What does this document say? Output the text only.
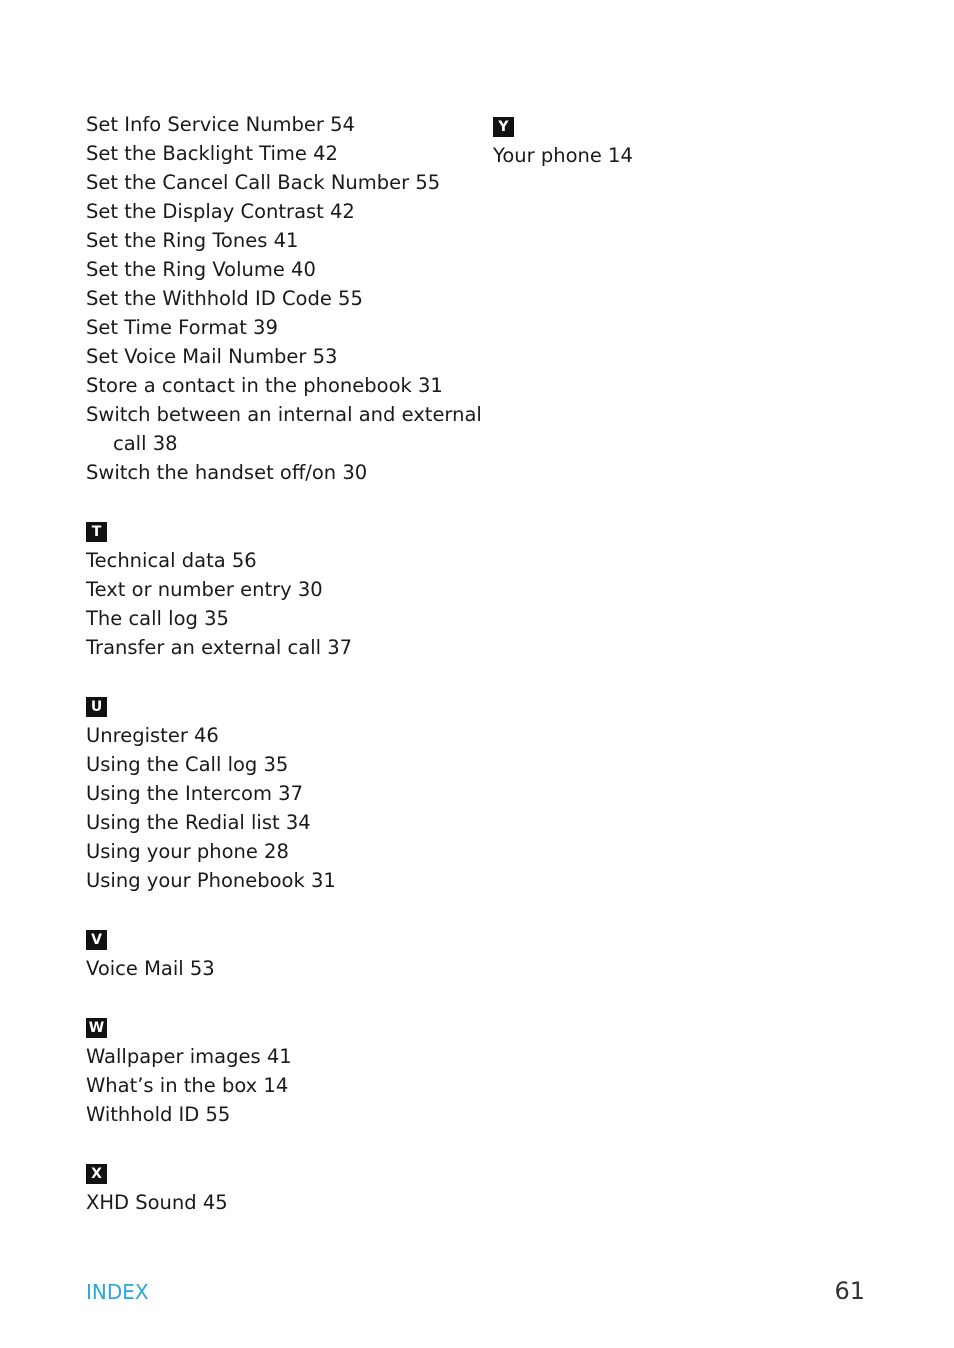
Set Info Service Number 54
Set the Backlight Time 42
Set the Cancel Call Back Number 55
Set the Display Contrast 42
Set the Ring Tones 41
Set the Ring Volume 40
Set the Withhold ID Code 55
Set Time Format 39
Set Voice Mail Number 53
Store a contact in the phonebook 31
Switch between an internal and external
call 38
Switch the handset off/on 30
T
Technical data 56
Text or number entry 30
The call log 35
Transfer an external call 37
U
Unregister 46
Using the Call log 35
Using the Intercom 37
Using the Redial list 34
Using your phone 28
Using your Phonebook 31
V
Voice Mail 53
W
Wallpaper images 41
What’s in the box 14
Withhold ID 55
X
XHD Sound 45
Y
Your phone 14
INDEX	61
